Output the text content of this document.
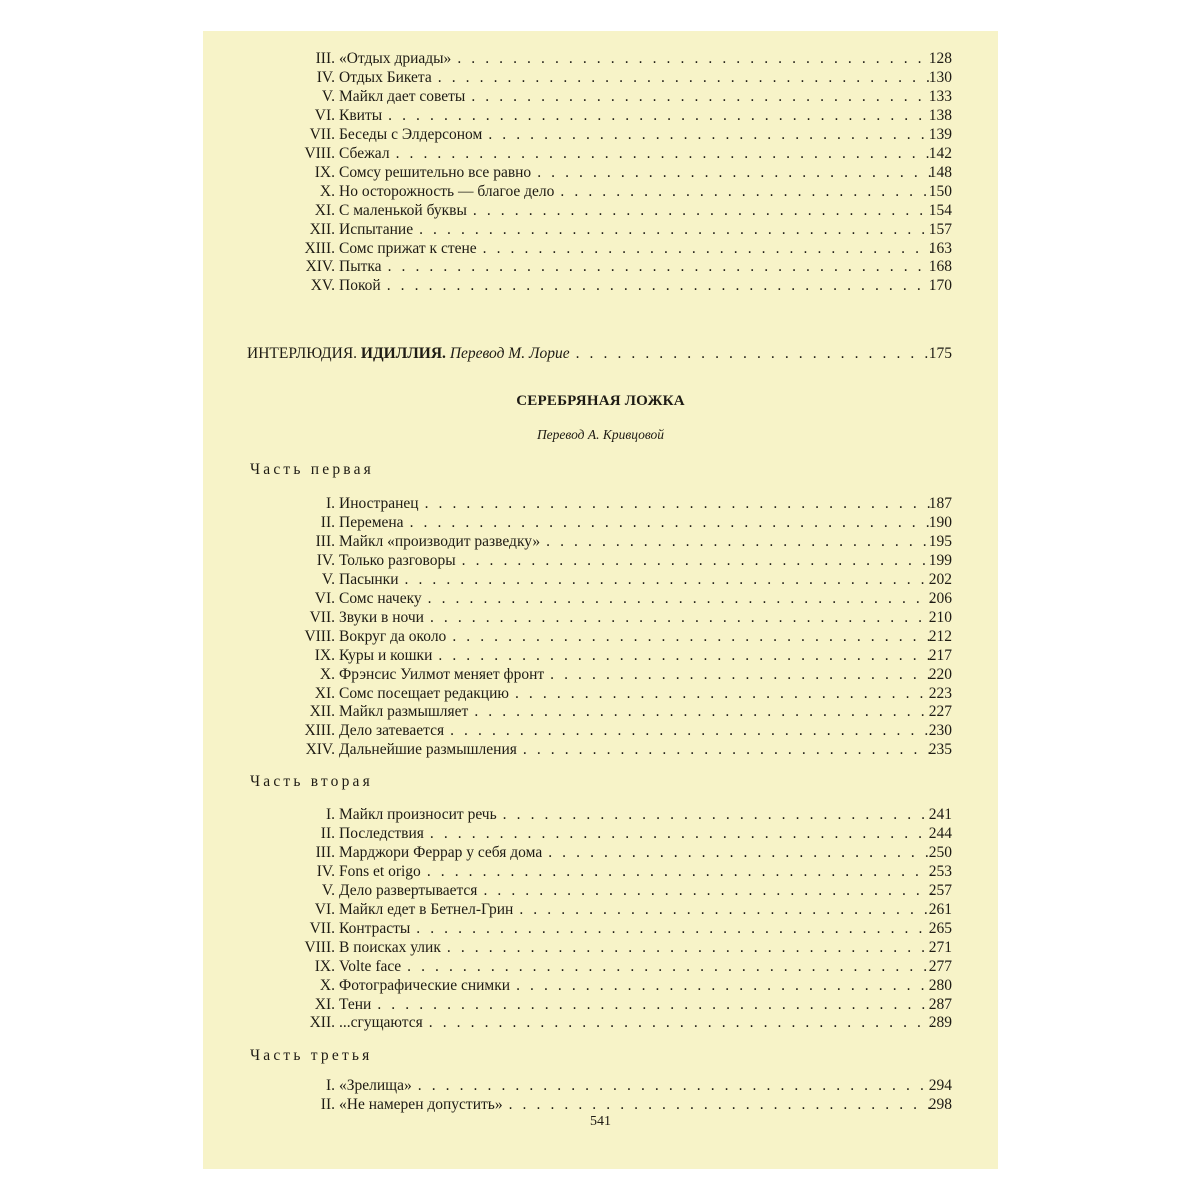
III. «Отдых дриады» . . .	128
IV. Отдых Бикета . . .	130
V. Майкл дает советы . . .	133
VI. Квиты . . .	138
VII. Беседы с Элдерсоном . . .	139
VIII. Сбежал . . .	142
IX. Сомсу решительно все равно . . .	148
X. Но осторожность — благое дело . . .	150
XI. С маленькой буквы . . .	154
XII. Испытание . . .	157
XIII. Сомс прижат к стене . . .	163
XIV. Пытка . . .	168
XV. Покой . . .	170
ИНТЕРЛЮДИЯ. ИДИЛЛИЯ. Перевод М. Лорие . . .	175
СЕРЕБРЯНАЯ ЛОЖКА
Перевод А. Кривцовой
Часть первая
I. Иностранец . . .	187
II. Перемена . . .	190
III. Майкл «производит разведку» . . .	195
IV. Только разговоры . . .	199
V. Пасынки . . .	202
VI. Сомс начеку . . .	206
VII. Звуки в ночи . . .	210
VIII. Вокруг да около . . .	212
IX. Куры и кошки . . .	217
X. Фрэнсис Уилмот меняет фронт . . .	220
XI. Сомс посещает редакцию . . .	223
XII. Майкл размышляет . . .	227
XIII. Дело затевается . . .	230
XIV. Дальнейшие размышления . . .	235
Часть вторая
I. Майкл произносит речь . . .	241
II. Последствия . . .	244
III. Марджори Феррар у себя дома . . .	250
IV. Fons et origo . . .	253
V. Дело развертывается . . .	257
VI. Майкл едет в Бетнел-Грин . . .	261
VII. Контрасты . . .	265
VIII. В поисках улик . . .	271
IX. Volte face . . .	277
X. Фотографические снимки . . .	280
XI. Тени . . .	287
XII. ...сгущаются . . .	289
Часть третья
I. «Зрелища» . . .	294
II. «Не намерен допустить» . . .	298
541
